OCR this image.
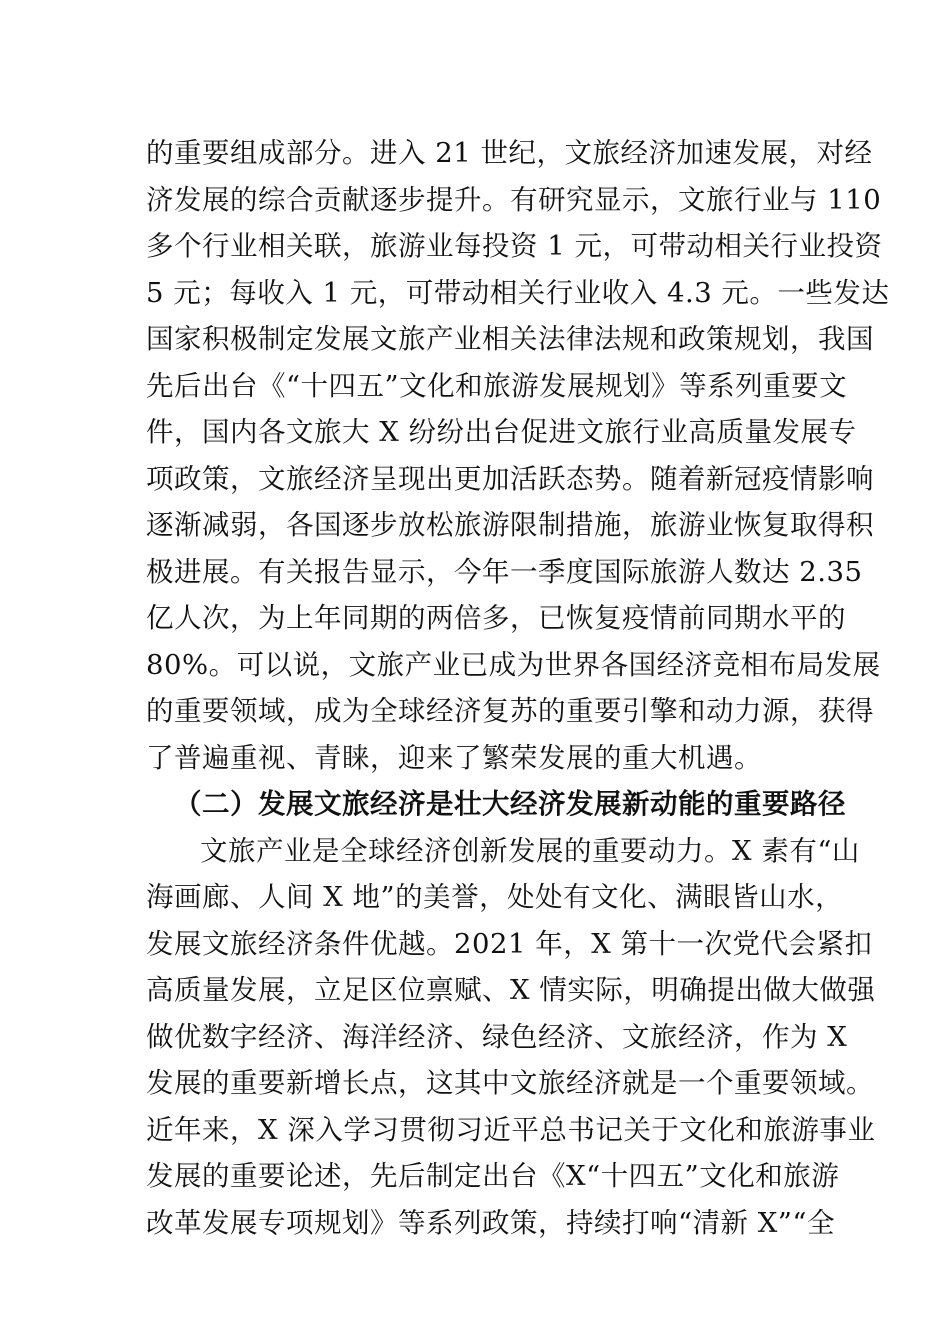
的重要组成部分。进入 21 世纪，文旅经济加速发展，对经
济发展的综合贡献逐步提升。有研究显示，文旅行业与 110
多个行业相关联，旅游业每投资 1 元，可带动相关行业投资
5 元；每收入 1 元，可带动相关行业收入 4.3 元。一些发达
国家积极制定发展文旅产业相关法律法规和政策规划，我国
先后出台《“十四五”文化和旅游发展规划》等系列重要文
件，国内各文旅大 X 纷纷出台促进文旅行业高质量发展专
项政策，文旅经济呈现出更加活跃态势。随着新冠疫情影响
逐渐减弱，各国逐步放松旅游限制措施，旅游业恢复取得积
极进展。有关报告显示，今年一季度国际旅游人数达 2.35
亿人次，为上年同期的两倍多，已恢复疫情前同期水平的
80%。可以说，文旅产业已成为世界各国经济竞相布局发展
的重要领域，成为全球经济复苏的重要引擎和动力源，获得
了普遍重视、青睐，迎来了繁荣发展的重大机遇。
（二）发展文旅经济是壮大经济发展新动能的重要路径
文旅产业是全球经济创新发展的重要动力。X 素有“山
海画廊、人间 X 地”的美誉，处处有文化、满眼皆山水，
发展文旅经济条件优越。2021 年，X 第十一次党代会紧扣
高质量发展，立足区位禀赋、X 情实际，明确提出做大做强
做优数字经济、海洋经济、绿色经济、文旅经济，作为 X
发展的重要新增长点，这其中文旅经济就是一个重要领域。
近年来，X 深入学习贯彻习近平总书记关于文化和旅游事业
发展的重要论述，先后制定出台《X“十四五”文化和旅游
改革发展专项规划》等系列政策，持续打响“清新 X”“全
